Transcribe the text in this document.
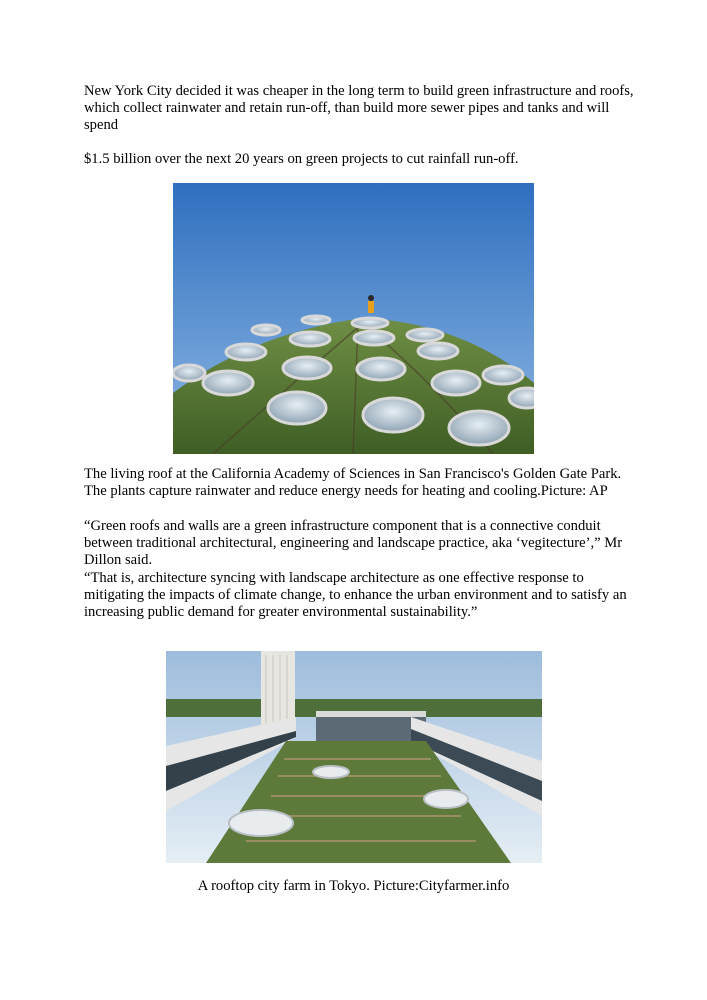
New York City decided it was cheaper in the long term to build green infrastructure and roofs, which collect rainwater and retain run-off, than build more sewer pipes and tanks and will spend

$1.5 billion over the next 20 years on green projects to cut rainfall run-off.

The living roof at the California Academy of Sciences in San Francisco's Golden Gate Park. The plants capture rainwater and reduce energy needs for heating and cooling.Picture: AP

“Green roofs and walls are a green infrastructure component that is a connective conduit between traditional architectural, engineering and landscape practice, aka ‘vegitecture’,” Mr Dillon said.

“That is, architecture syncing with landscape architecture as one effective response to mitigating the impacts of climate change, to enhance the urban environment and to satisfy an increasing public demand for greater environmental sustainability.”

A rooftop city farm in Tokyo. Picture:Cityfarmer.info
